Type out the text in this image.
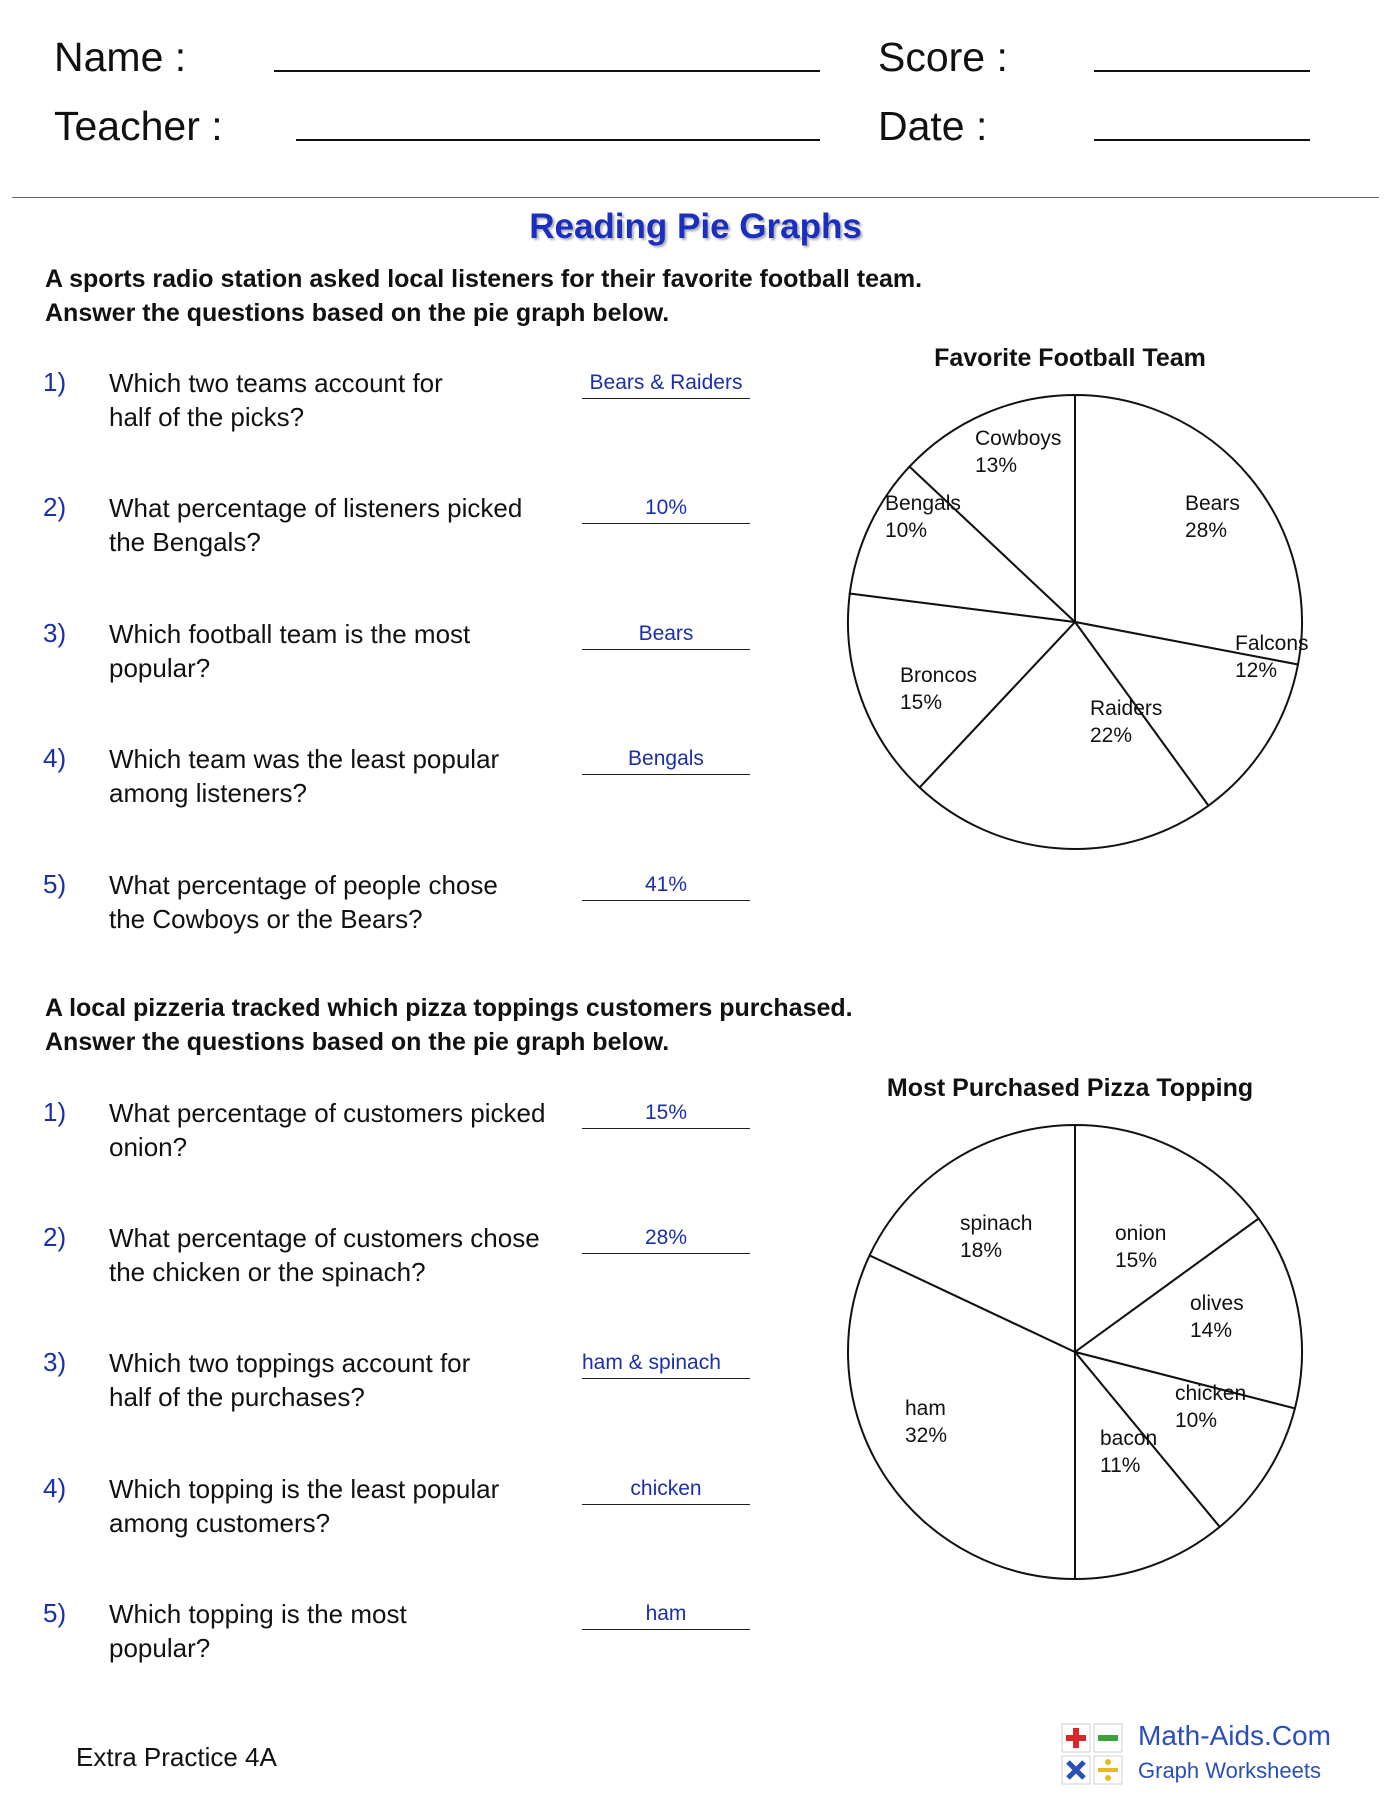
Name :
Teacher :
Score :
Date :
Reading Pie Graphs
A sports radio station asked local listeners for their favorite football team.
Answer the questions based on the pie graph below.
1) Which two teams account for
half of the picks?
Bears & Raiders
2) What percentage of listeners picked
the Bengals?
10%
3) Which football team is the most
popular?
Bears
4) Which team was the least popular
among listeners?
Bengals
5) What percentage of people chose
the Cowboys or the Bears?
41%
A local pizzeria tracked which pizza toppings customers purchased.
Answer the questions based on the pie graph below.
1) What percentage of customers picked
onion?
15%
2) What percentage of customers chose
the chicken or the spinach?
28%
3) Which two toppings account for
half of the purchases?
ham & spinach
4) Which topping is the least popular
among customers?
chicken
5) Which topping is the most
popular?
ham
Favorite Football Team
Bears
28%
Falcons
12%
Raiders
22%
Broncos
15%
Bengals
10%
Cowboys
13%
Most Purchased Pizza Topping
onion
15%
olives
14%
chicken
10%
bacon
11%
ham
32%
spinach
18%
Extra Practice 4A
Math-Aids.Com
Graph Worksheets
